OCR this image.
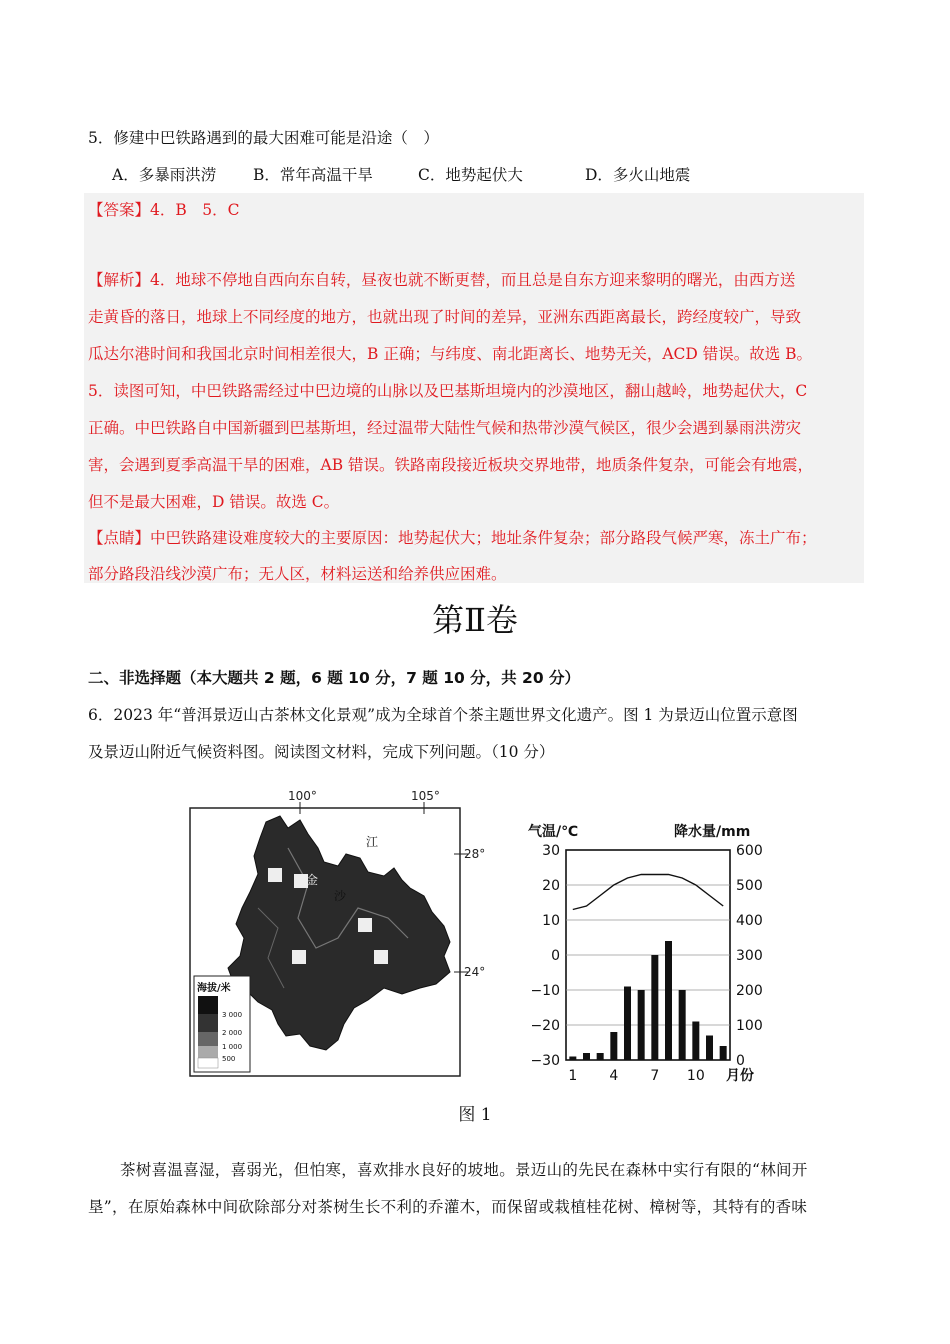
5．修建中巴铁路遇到的最大困难可能是沿途（　）
A．多暴雨洪涝 B．常年高温干旱	C．地势起伏大	D．多火山地震
【答案】4．B　5．C
【解析】4．地球不停地自西向东自转，昼夜也就不断更替，而且总是自东方迎来黎明的曙光，由西方送
走黄昏的落日，地球上不同经度的地方，也就出现了时间的差异，亚洲东西距离最长，跨经度较广，导致
瓜达尔港时间和我国北京时间相差很大，B 正确；与纬度、南北距离长、地势无关，ACD 错误。故选 B。
5．读图可知，中巴铁路需经过中巴边境的山脉以及巴基斯坦境内的沙漠地区，翻山越岭，地势起伏大，C
正确。中巴铁路自中国新疆到巴基斯坦，经过温带大陆性气候和热带沙漠气候区，很少会遇到暴雨洪涝灾
害，会遇到夏季高温干旱的困难，AB 错误。铁路南段接近板块交界地带，地质条件复杂，可能会有地震，
但不是最大困难，D 错误。故选 C。
【点睛】中巴铁路建设难度较大的主要原因：地势起伏大；地址条件复杂；部分路段气候严寒，冻土广布；
部分路段沿线沙漠广布；无人区，材料运送和给养供应困难。
第Ⅱ卷
二、非选择题（本大题共 2 题，6 题 10 分，7 题 10 分，共 20 分）
6．2023 年“普洱景迈山古茶林文化景观”成为全球首个茶主题世界文化遗产。图 1 为景迈山位置示意图
及景迈山附近气候资料图。阅读图文材料，完成下列问题。（10 分）
100°	105°
28°
24°
金
沙
江
海拔/米
3 000
2 000
1 000
500
气温/℃	降水量/mm
月份
30
20
10
0
−10
−20
−30
600
500
400
300
200
100
0
1 4 7 10
图 1
茶树喜温喜湿，喜弱光，但怕寒，喜欢排水良好的坡地。景迈山的先民在森林中实行有限的“林间开
垦”，在原始森林中间砍除部分对茶树生长不利的乔灌木，而保留或栽植桂花树、樟树等，其特有的香味
